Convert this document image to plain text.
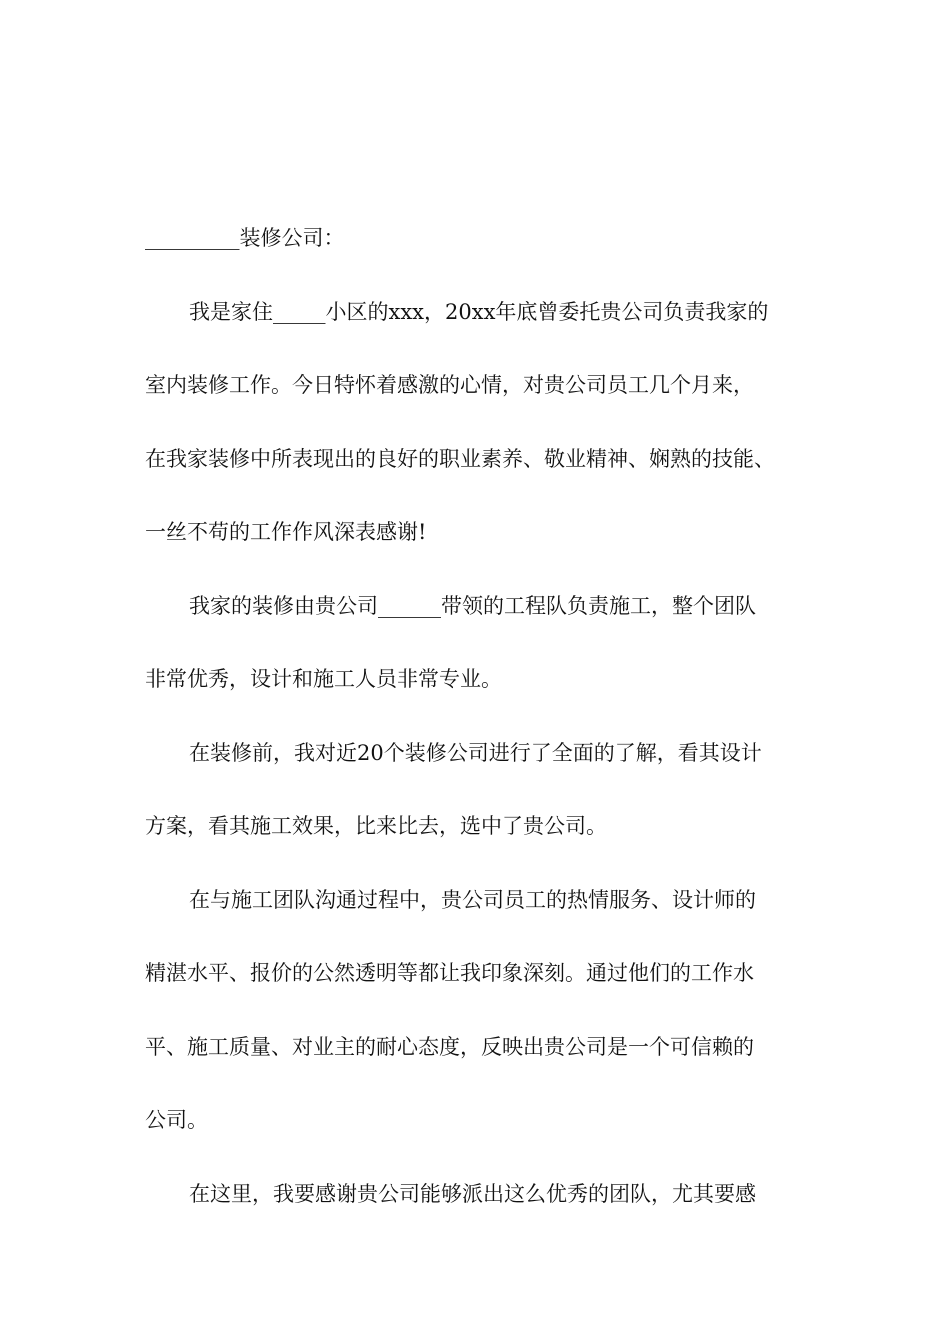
_________装修公司：
我是家住_____小区的xxx，20xx年底曾委托贵公司负责我家的
室内装修工作。今日特怀着感激的心情，对贵公司员工几个月来，
在我家装修中所表现出的良好的职业素养、敬业精神、娴熟的技能、
一丝不苟的工作作风深表感谢!
我家的装修由贵公司______带领的工程队负责施工，整个团队
非常优秀，设计和施工人员非常专业。
在装修前，我对近20个装修公司进行了全面的了解，看其设计
方案，看其施工效果，比来比去，选中了贵公司。
在与施工团队沟通过程中，贵公司员工的热情服务、设计师的
精湛水平、报价的公然透明等都让我印象深刻。通过他们的工作水
平、施工质量、对业主的耐心态度，反映出贵公司是一个可信赖的
公司。
在这里，我要感谢贵公司能够派出这么优秀的团队，尤其要感
